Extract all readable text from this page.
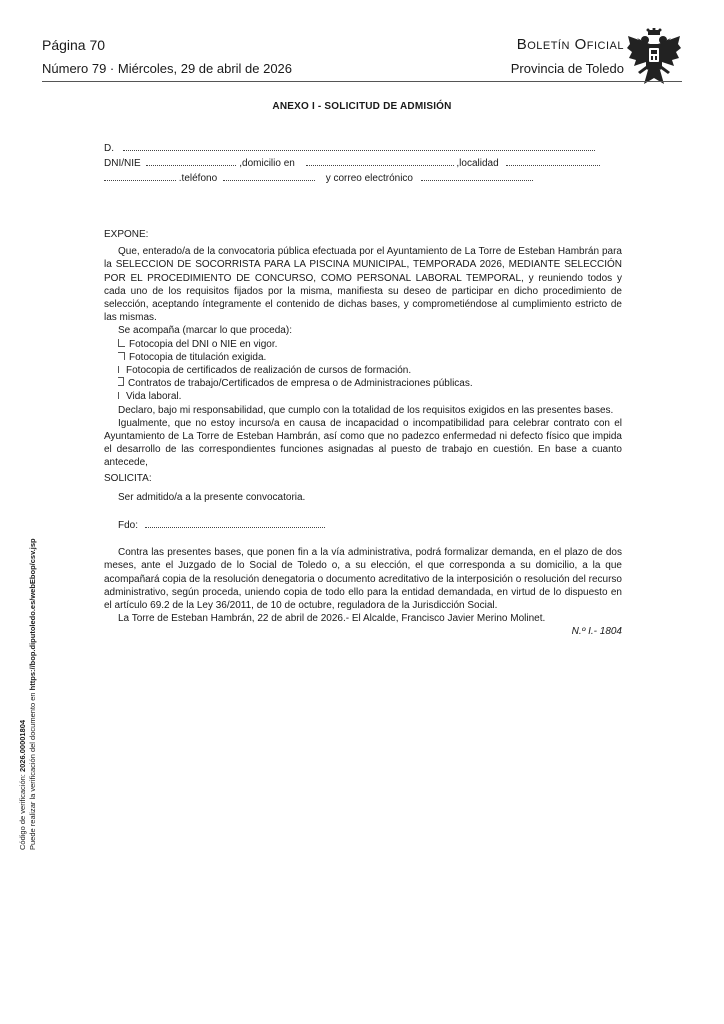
Página 70
Número 79 · Miércoles, 29 de abril de 2026
Boletín Oficial
Provincia de Toledo
ANEXO I - SOLICITUD DE ADMISIÓN
D.
DNI/NIE	,domicilio en	,localidad
.teléfono	y correo electrónico

EXPONE:

Que, enterado/a de la convocatoria pública efectuada por el Ayuntamiento de La Torre de Esteban Hambrán para la SELECCION DE SOCORRISTA PARA LA PISCINA MUNICIPAL, TEMPORADA 2026, MEDIANTE SELECCIÓN POR EL PROCEDIMIENTO DE CONCURSO, COMO PERSONAL LABORAL TEMPORAL, y reuniendo todos y cada uno de los requisitos fijados por la misma, manifiesta su deseo de participar en dicho procedimiento de selección, aceptando íntegramente el contenido de dichas bases, y comprometiéndose al cumplimiento estricto de las mismas.

Se acompaña (marcar lo que proceda):

Fotocopia del DNI o NIE en vigor.
Fotocopia de titulación exigida.
Fotocopia de certificados de realización de cursos de formación.
Contratos de trabajo/Certificados de empresa o de Administraciones públicas.
Vida laboral.

Declaro, bajo mi responsabilidad, que cumplo con la totalidad de los requisitos exigidos en las presentes bases.

Igualmente, que no estoy incurso/a en causa de incapacidad o incompatibilidad para celebrar contrato con el Ayuntamiento de La Torre de Esteban Hambrán, así como que no padezco enfermedad ni defecto físico que impida el desarrollo de las correspondientes funciones asignadas al puesto de trabajo en cuestión. En base a cuanto antecede,

SOLICITA:

Ser admitido/a a la presente convocatoria.

Fdo:

Contra las presentes bases, que ponen fin a la vía administrativa, podrá formalizar demanda, en el plazo de dos meses, ante el Juzgado de lo Social de Toledo o, a su elección, el que corresponda a su domicilio, a la que acompañará copia de la resolución denegatoria o documento acreditativo de la interposición o resolución del recurso administrativo, según proceda, uniendo copia de todo ello para la entidad demandada, en virtud de lo dispuesto en el artículo 69.2 de la Ley 36/2011, de 10 de octubre, reguladora de la Jurisdicción Social.

La Torre de Esteban Hambrán, 22 de abril de 2026.- El Alcalde, Francisco Javier Merino Molinet.

N.º I.- 1804

Código de verificación: 2026.00001804 Puede realizar la verificación del documento en https://bop.diputoledo.es/webEbop/csv.jsp
